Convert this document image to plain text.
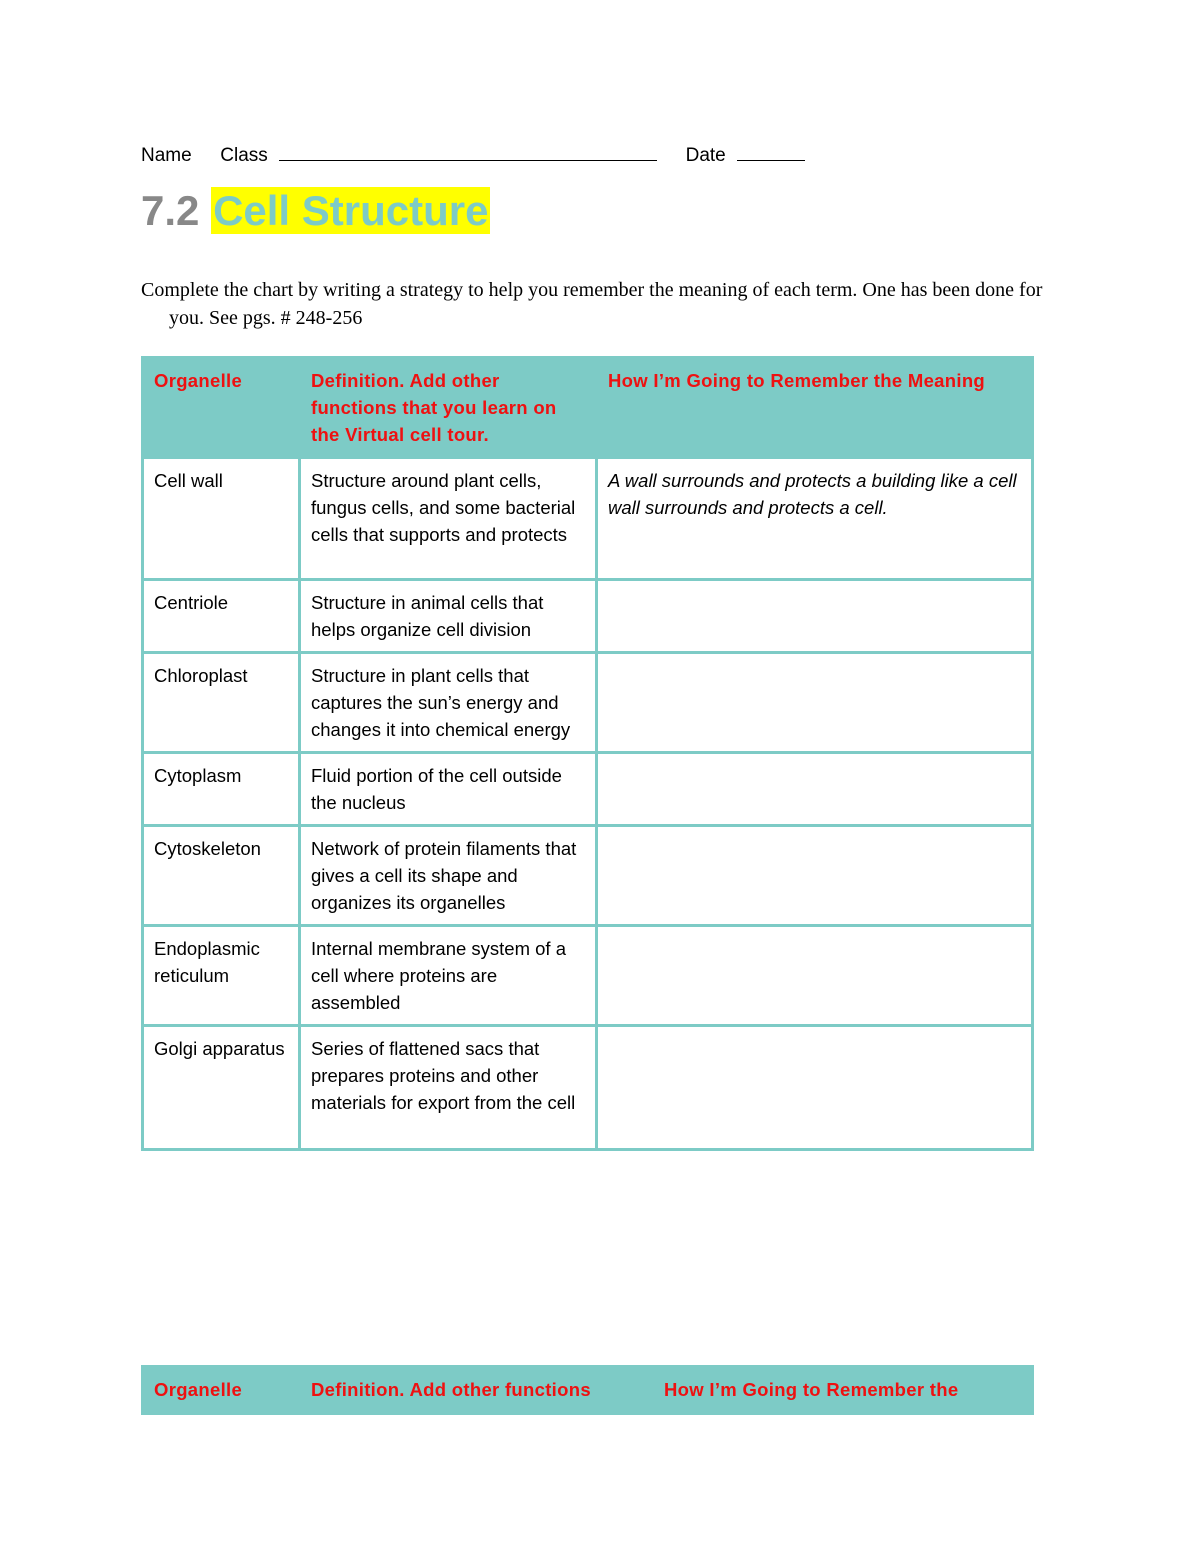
Name Class	Date
7.2 Cell Structure
Complete the chart by writing a strategy to help you remember the meaning of each term. One has been done for you. See pgs. # 248-256
Organelle	Definition. Add other functions that you learn on the Virtual cell tour.	How I’m Going to Remember the Meaning
Cell wall	Structure around plant cells, fungus cells, and some bacterial cells that supports and protects	A wall surrounds and protects a building like a cell wall surrounds and protects a cell.
Centriole	Structure in animal cells that helps organize cell division	
Chloroplast	Structure in plant cells that captures the sun’s energy and changes it into chemical energy	
Cytoplasm	Fluid portion of the cell outside the nucleus	
Cytoskeleton	Network of protein filaments that gives a cell its shape and organizes its organelles	
Endoplasmic reticulum	Internal membrane system of a cell where proteins are assembled	
Golgi apparatus	Series of flattened sacs that prepares proteins and other materials for export from the cell	
Organelle	Definition. Add other functions	How I’m Going to Remember the
